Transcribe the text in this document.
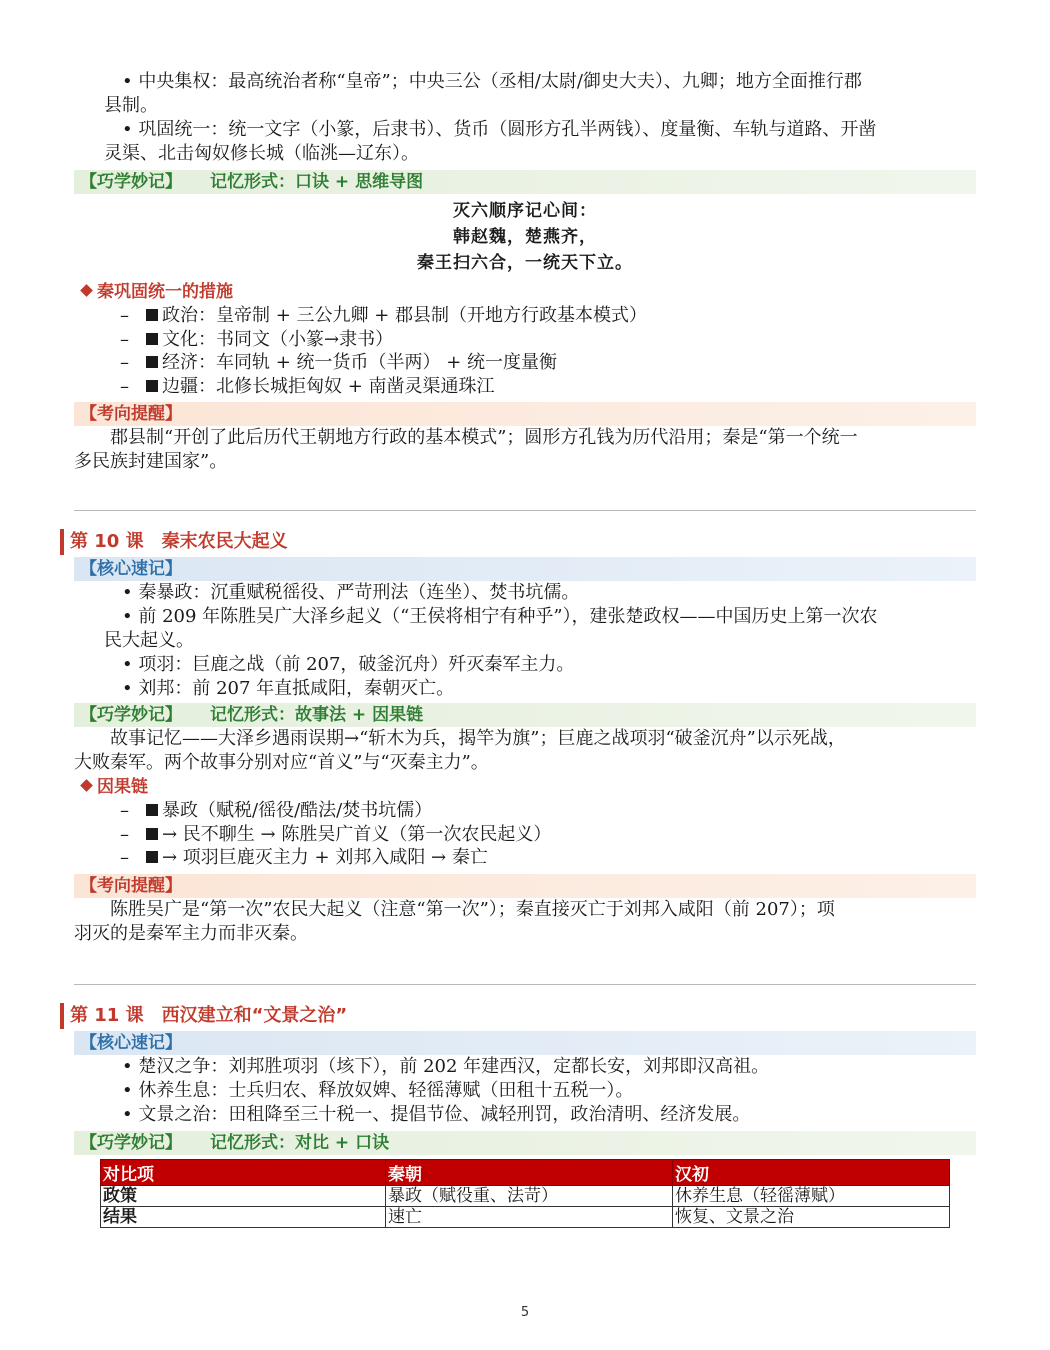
• 中央集权：最高统治者称“皇帝”；中央三公（丞相/太尉/御史大夫）、九卿；地方全面推行郡
县制。
• 巩固统一：统一文字（小篆，后隶书）、货币（圆形方孔半两钱）、度量衡、车轨与道路、开凿
灵渠、北击匈奴修长城（临洮—辽东）。
【巧学妙记】 记忆形式：口诀 + 思维导图
灭六顺序记心间：
韩赵魏，楚燕齐，
秦王扫六合，一统天下立。
秦巩固统一的措施
– 政治：皇帝制 + 三公九卿 + 郡县制（开地方行政基本模式）
– 文化：书同文（小篆→隶书）
– 经济：车同轨 + 统一货币（半两） + 统一度量衡
– 边疆：北修长城拒匈奴 + 南凿灵渠通珠江
【考向提醒】
郡县制“开创了此后历代王朝地方行政的基本模式”；圆形方孔钱为历代沿用；秦是“第一个统一
多民族封建国家”。
第 10 课 秦末农民大起义
【核心速记】
• 秦暴政：沉重赋税徭役、严苛刑法（连坐）、焚书坑儒。
• 前 209 年陈胜吴广大泽乡起义（“王侯将相宁有种乎”），建张楚政权——中国历史上第一次农
民大起义。
• 项羽：巨鹿之战（前 207，破釜沉舟）歼灭秦军主力。
• 刘邦：前 207 年直抵咸阳，秦朝灭亡。
【巧学妙记】 记忆形式：故事法 + 因果链
故事记忆——大泽乡遇雨误期→“斩木为兵，揭竿为旗”；巨鹿之战项羽“破釜沉舟”以示死战，
大败秦军。两个故事分别对应“首义”与“灭秦主力”。
因果链
– 暴政（赋税/徭役/酷法/焚书坑儒）
– → 民不聊生 → 陈胜吴广首义（第一次农民起义）
– → 项羽巨鹿灭主力 + 刘邦入咸阳 → 秦亡
【考向提醒】
陈胜吴广是“第一次”农民大起义（注意“第一次”）；秦直接灭亡于刘邦入咸阳（前 207）；项
羽灭的是秦军主力而非灭秦。
第 11 课 西汉建立和“文景之治”
【核心速记】
• 楚汉之争：刘邦胜项羽（垓下），前 202 年建西汉，定都长安，刘邦即汉高祖。
• 休养生息：士兵归农、释放奴婢、轻徭薄赋（田租十五税一）。
• 文景之治：田租降至三十税一、提倡节俭、减轻刑罚，政治清明、经济发展。
【巧学妙记】 记忆形式：对比 + 口诀
对比项	秦朝	汉初
政策	暴政（赋役重、法苛）	休养生息（轻徭薄赋）
结果	速亡	恢复、文景之治
5
